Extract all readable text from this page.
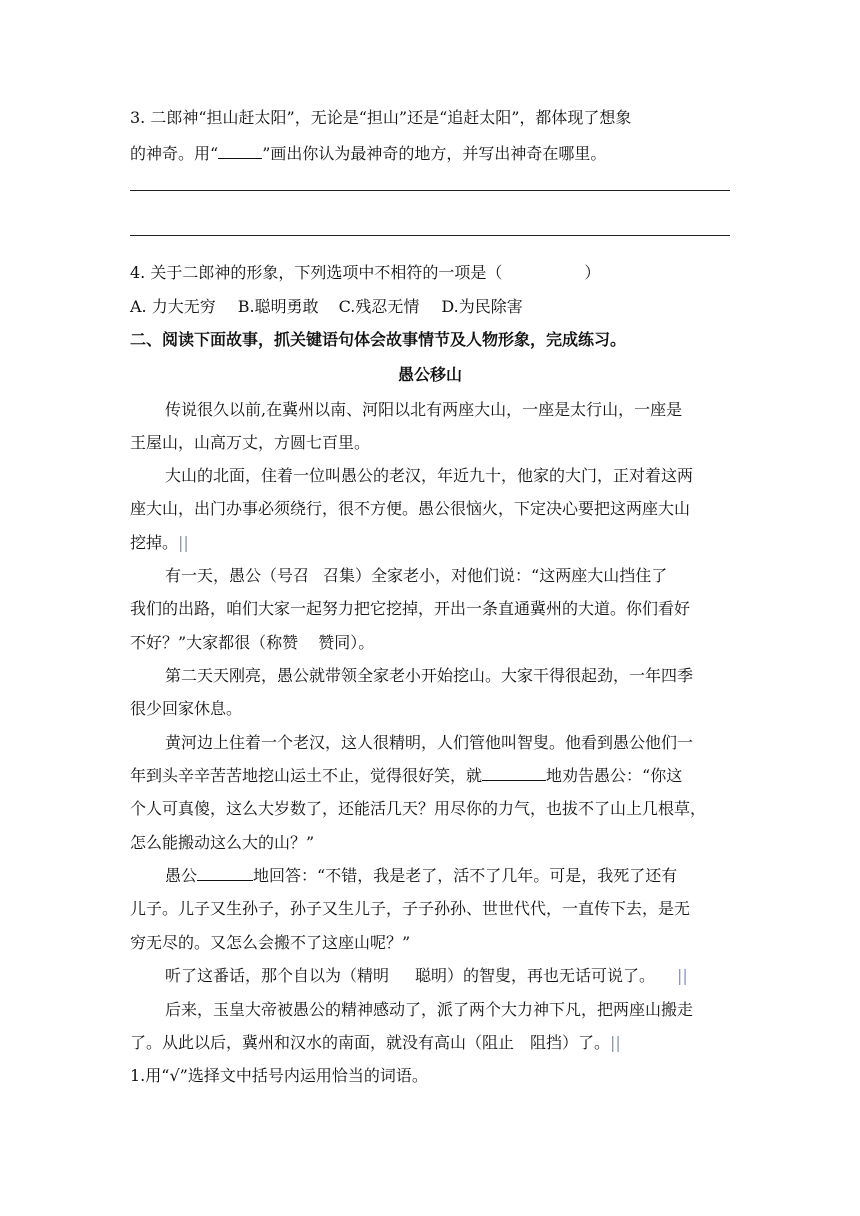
3. 二郎神“担山赶太阳”，无论是“担山”还是“追赶太阳”，都体现了想象
的神奇。用“	”画出你认为最神奇的地方，并写出神奇在哪里。
4. 关于二郎神的形象，下列选项中不相符的一项是（	）
A. 力大无穷 B.聪明勇敢 C.残忍无情 D.为民除害
二、阅读下面故事，抓关键语句体会故事情节及人物形象，完成练习。
愚公移山
传说很久以前,在冀州以南、河阳以北有两座大山，一座是太行山，一座是
王屋山，山高万丈，方圆七百里。
大山的北面，住着一位叫愚公的老汉，年近九十，他家的大门，正对着这两
座大山，出门办事必须绕行，很不方便。愚公很恼火，下定决心要把这两座大山
挖掉。||
有一天，愚公（号召 召集）全家老小，对他们说：“这两座大山挡住了
我们的出路，咱们大家一起努力把它挖掉，开出一条直通冀州的大道。你们看好
不好？”大家都很（称赞 赞同）。
第二天天刚亮，愚公就带领全家老小开始挖山。大家干得很起劲，一年四季
很少回家休息。
黄河边上住着一个老汉，这人很精明，人们管他叫智叟。他看到愚公他们一
年到头辛辛苦苦地挖山运土不止，觉得很好笑，就	地劝告愚公：“你这
个人可真傻，这么大岁数了，还能活几天？用尽你的力气，也拔不了山上几根草，
怎么能搬动这么大的山？”
愚公	地回答：“不错，我是老了，活不了几年。可是，我死了还有
儿子。儿子又生孙子，孙子又生儿子，子子孙孙、世世代代，一直传下去，是无
穷无尽的。又怎么会搬不了这座山呢？”
听了这番话，那个自以为（精明 聪明）的智叟，再也无话可说了。 ||
后来，玉皇大帝被愚公的精神感动了，派了两个大力神下凡，把两座山搬走
了。从此以后，冀州和汉水的南面，就没有高山（阻止 阻挡）了。||
1.用“√”选择文中括号内运用恰当的词语。
